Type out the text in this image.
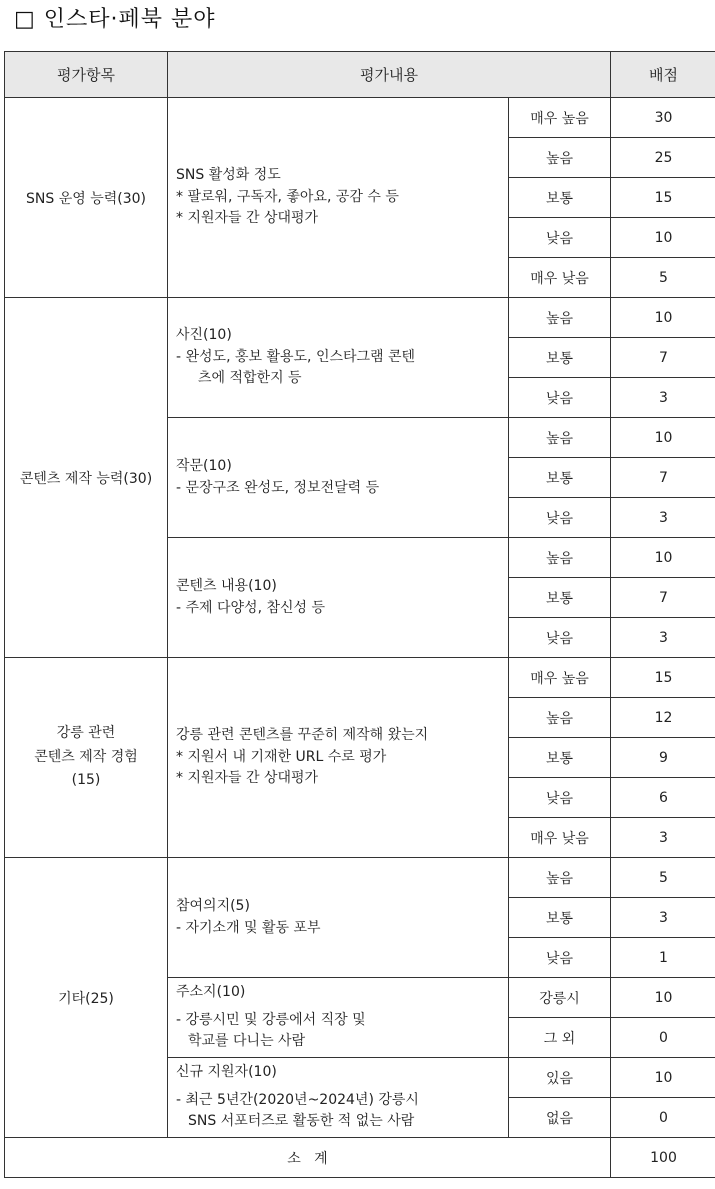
□ 인스타·페북 분야
평가항목	평가내용		배점
SNS 운영 능력(30)	SNS 활성화 정도
* 팔로워, 구독자, 좋아요, 공감 수 등
* 지원자들 간 상대평가	매우 높음	30
		높음	25
		보통	15
		낮음	10
		매우 낮음	5
콘텐츠 제작 능력(30)	사진(10)
- 완성도, 홍보 활용도, 인스타그램 콘텐
츠에 적합한지 등	높음	10
		보통	7
		낮음	3

	작문(10)
- 문장구조 완성도, 정보전달력 등	높음	10
		보통	7
		낮음	3

	콘텐츠 내용(10)
- 주제 다양성, 참신성 등	높음	10
		보통	7
		낮음	3

강릉 관련
콘텐츠 제작 경험
(15)	강릉 관련 콘텐츠를 꾸준히 제작해 왔는지
* 지원서 내 기재한 URL 수로 평가
* 지원자들 간 상대평가	매우 높음	15
		높음	12
		보통	9
		낮음	6
		매우 낮음	3
기타(25)	참여의지(5)
- 자기소개 및 활동 포부	높음	5
		보통	3
		낮음	1

	주소지(10)
- 강릉시민 및 강릉에서 직장 및
학교를 다니는 사람	강릉시	10
		그 외	0

	신규 지원자(10)
- 최근 5년간(2020년~2024년) 강릉시
SNS 서포터즈로 활동한 적 없는 사람	있음	10
		없음	0
소   계			100
